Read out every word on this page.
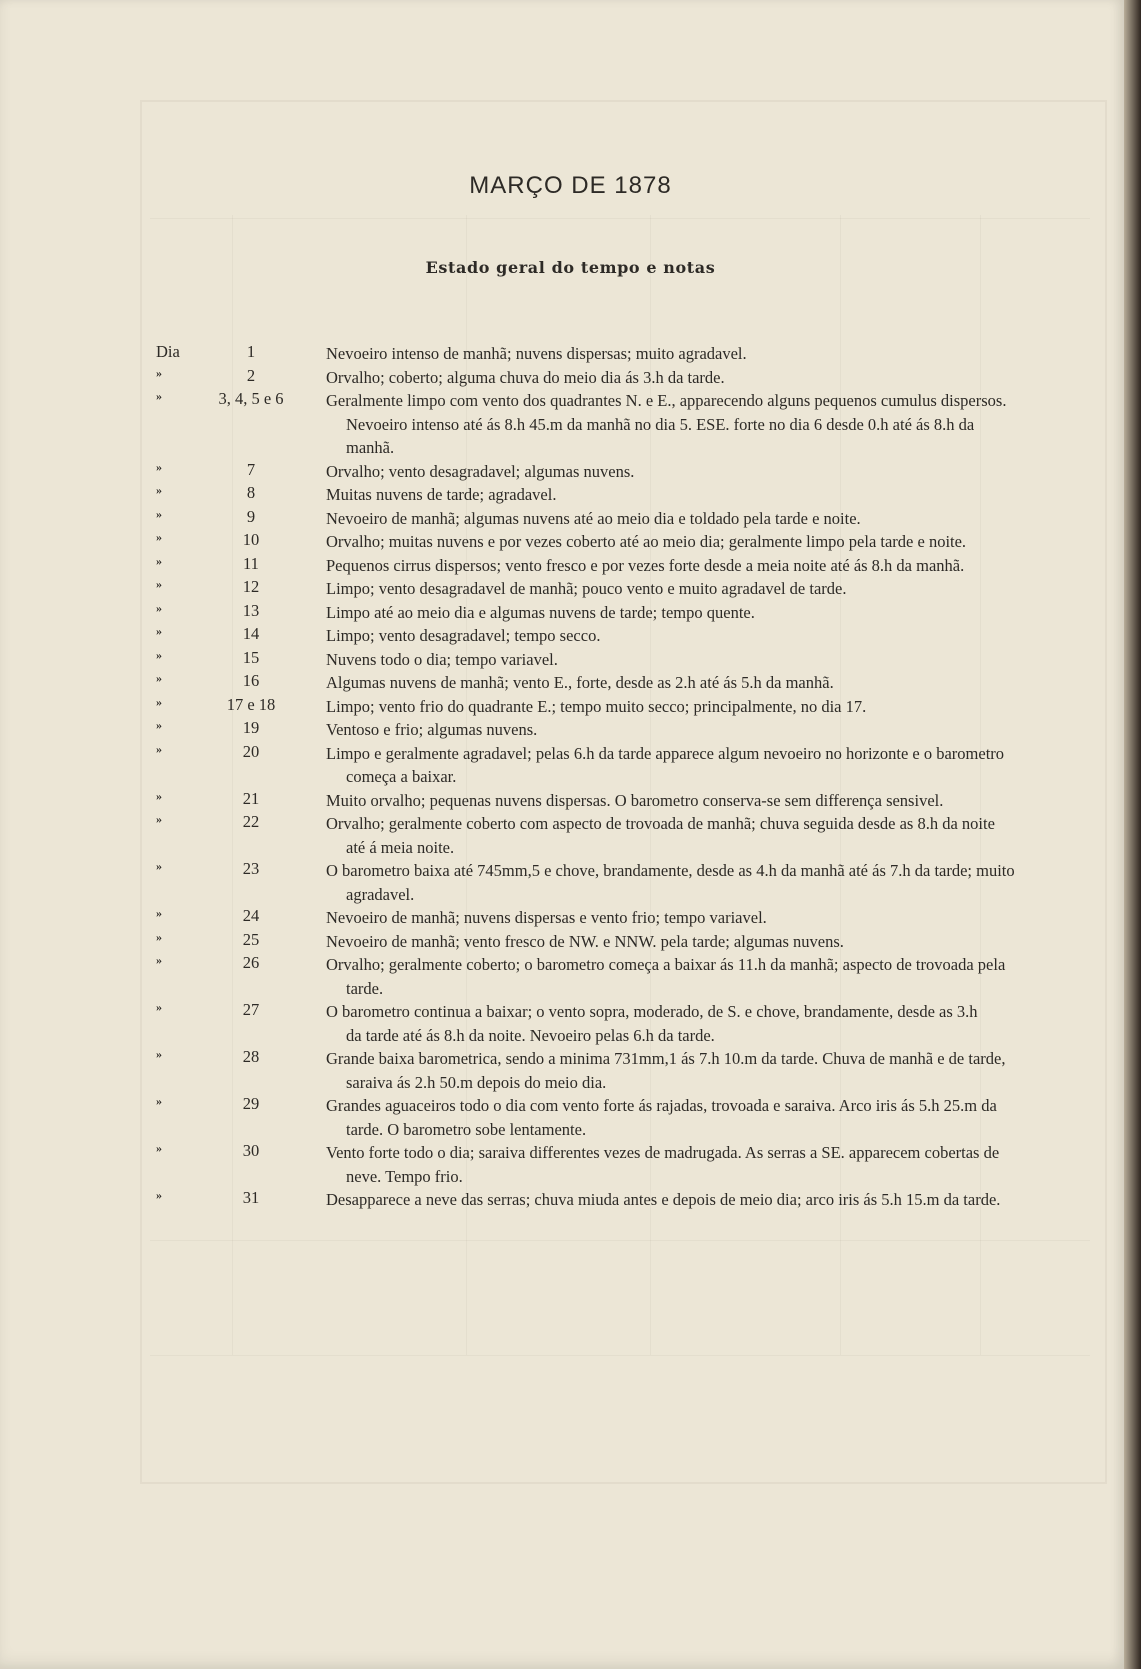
MARÇO DE 1878
Estado geral do tempo e notas
Dia	1	Nevoeiro intenso de manhã; nuvens dispersas; muito agradavel.
»	2	Orvalho; coberto; alguma chuva do meio dia ás 3.h da tarde.
»	3, 4, 5 e 6	Geralmente limpo com vento dos quadrantes N. e E., apparecendo alguns pequenos cumulus dispersos.
Nevoeiro intenso até ás 8.h 45.m da manhã no dia 5. ESE. forte no dia 6 desde 0.h até ás 8.h da
manhã.
»	7	Orvalho; vento desagradavel; algumas nuvens.
»	8	Muitas nuvens de tarde; agradavel.
»	9	Nevoeiro de manhã; algumas nuvens até ao meio dia e toldado pela tarde e noite.
»	10	Orvalho; muitas nuvens e por vezes coberto até ao meio dia; geralmente limpo pela tarde e noite.
»	11	Pequenos cirrus dispersos; vento fresco e por vezes forte desde a meia noite até ás 8.h da manhã.
»	12	Limpo; vento desagradavel de manhã; pouco vento e muito agradavel de tarde.
»	13	Limpo até ao meio dia e algumas nuvens de tarde; tempo quente.
»	14	Limpo; vento desagradavel; tempo secco.
»	15	Nuvens todo o dia; tempo variavel.
»	16	Algumas nuvens de manhã; vento E., forte, desde as 2.h até ás 5.h da manhã.
»	17 e 18	Limpo; vento frio do quadrante E.; tempo muito secco; principalmente, no dia 17.
»	19	Ventoso e frio; algumas nuvens.
»	20	Limpo e geralmente agradavel; pelas 6.h da tarde apparece algum nevoeiro no horizonte e o barometro
começa a baixar.
»	21	Muito orvalho; pequenas nuvens dispersas. O barometro conserva-se sem differença sensivel.
»	22	Orvalho; geralmente coberto com aspecto de trovoada de manhã; chuva seguida desde as 8.h da noite
até á meia noite.
»	23	O barometro baixa até 745mm,5 e chove, brandamente, desde as 4.h da manhã até ás 7.h da tarde; muito
agradavel.
»	24	Nevoeiro de manhã; nuvens dispersas e vento frio; tempo variavel.
»	25	Nevoeiro de manhã; vento fresco de NW. e NNW. pela tarde; algumas nuvens.
»	26	Orvalho; geralmente coberto; o barometro começa a baixar ás 11.h da manhã; aspecto de trovoada pela
tarde.
»	27	O barometro continua a baixar; o vento sopra, moderado, de S. e chove, brandamente, desde as 3.h
da tarde até ás 8.h da noite. Nevoeiro pelas 6.h da tarde.
»	28	Grande baixa barometrica, sendo a minima 731mm,1 ás 7.h 10.m da tarde. Chuva de manhã e de tarde,
saraiva ás 2.h 50.m depois do meio dia.
»	29	Grandes aguaceiros todo o dia com vento forte ás rajadas, trovoada e saraiva. Arco iris ás 5.h 25.m da
tarde. O barometro sobe lentamente.
»	30	Vento forte todo o dia; saraiva differentes vezes de madrugada. As serras a SE. apparecem cobertas de
neve. Tempo frio.
»	31	Desapparece a neve das serras; chuva miuda antes e depois de meio dia; arco iris ás 5.h 15.m da tarde.
